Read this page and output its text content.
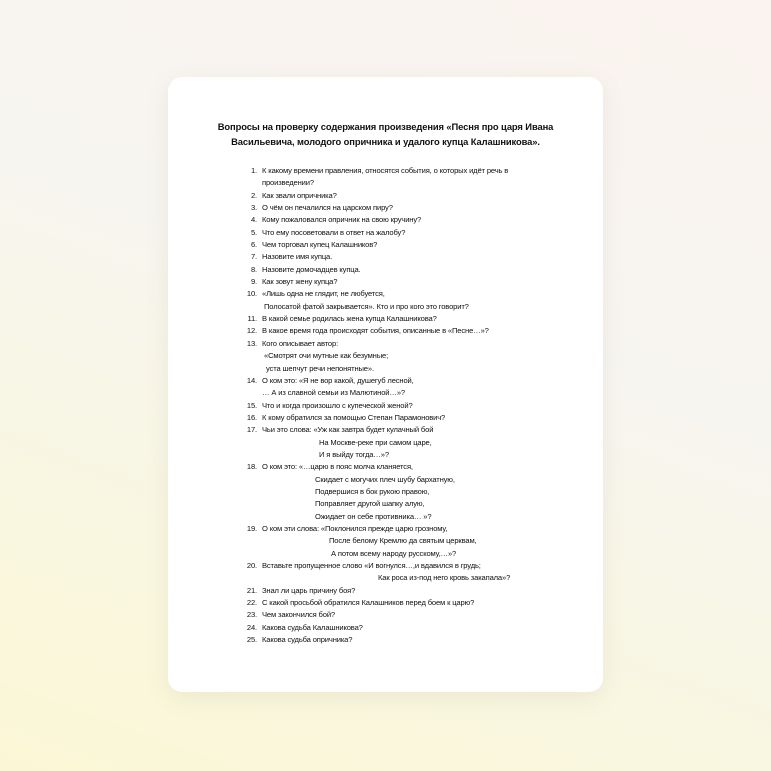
Вопросы на проверку содержания произведения «Песня про царя Ивана
Васильевича, молодого опричника и удалого купца Калашникова».
1. К какому времени правления, относятся события, о которых идёт речь в
произведении?
2. Как звали опричника?
3. О чём он печалился на царском пиру?
4. Кому пожаловался опричник на свою кручину?
5. Что ему посоветовали в ответ на жалобу?
6. Чем торговал купец Калашников?
7. Назовите имя купца.
8. Назовите домочадцев купца.
9. Как зовут жену купца?
10. «Лишь одна не глядит, не любуется,
Полосатой фатой закрывается». Кто и про кого это говорит?
11. В какой семье родилась жена купца Калашникова?
12. В какое время года происходят события, описанные в «Песне…»?
13. Кого описывает автор:
«Смотрят очи мутные как безумные;
уста шепчут речи непонятные».
14. О ком это: «Я не вор какой, душегуб лесной,
… А из славной семьи из Малютиной…»?
15. Что и когда произошло с купеческой женой?
16. К кому обратился за помощью Степан Парамонович?
17. Чьи это слова: «Уж как завтра будет кулачный бой
На Москве-реке при самом царе,
И я выйду тогда…»?
18. О ком это: «…царю в пояс молча кланяется,
Скидает с могучих плеч шубу бархатную,
Подвершися в бок рукою правою,
Поправляет другой шапку алую,
Ожидает он себе противника… »?
19. О ком эти слова: «Поклонился прежде царю грозному,
После белому Кремлю да святым церквам,
А потом всему народу русскому,…»?
20. Вставьте пропущенное слово «И вогнулся…,и вдавился в грудь;
Как роса из-под него кровь закапала»?
21. Знал ли царь причину боя?
22. С какой просьбой обратился Калашников перед боем к царю?
23. Чем закончился бой?
24. Какова судьба Калашникова?
25. Какова судьба опричника?
